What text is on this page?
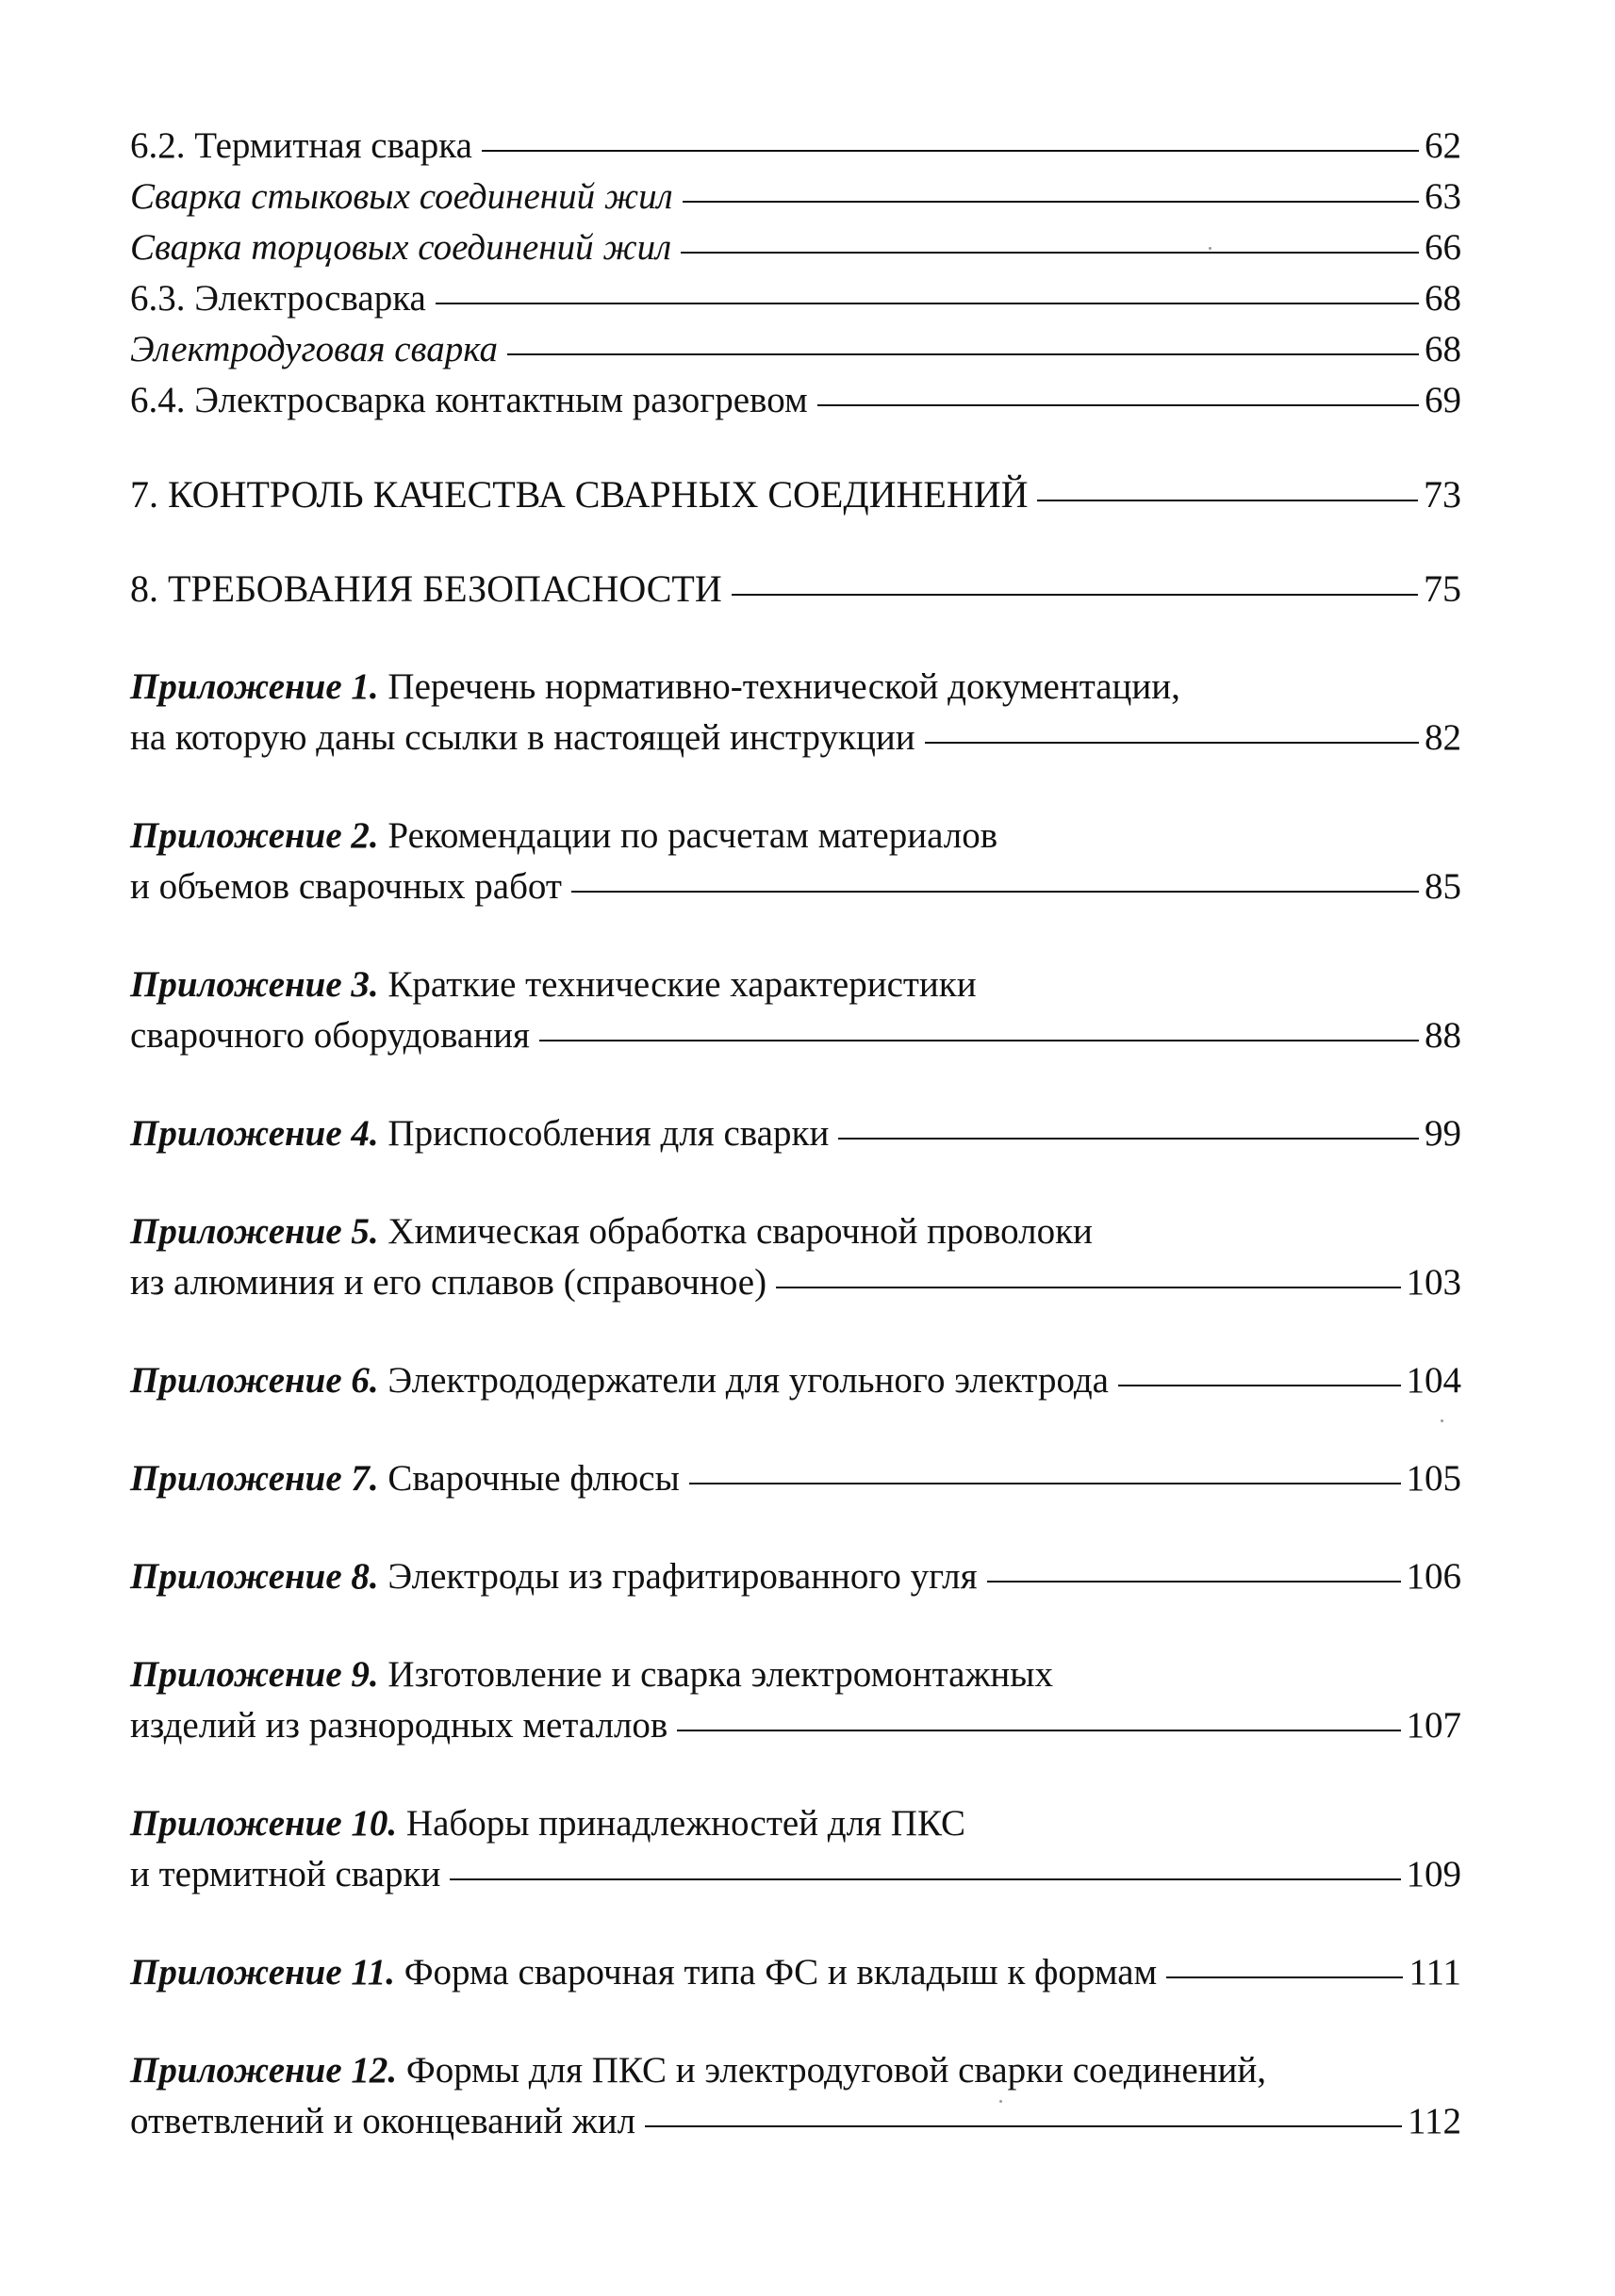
6.2. Термитная сварка	62
Сварка стыковых соединений жил	63
Сварка торцовых соединений жил	66
6.3. Электросварка	68
Электродуговая сварка	68
6.4. Электросварка контактным разогревом	69
7. КОНТРОЛЬ КАЧЕСТВА СВАРНЫХ СОЕДИНЕНИЙ	73
8. ТРЕБОВАНИЯ БЕЗОПАСНОСТИ	75
Приложение 1. Перечень нормативно-технической документации,
на которую даны ссылки в настоящей инструкции	82
Приложение 2. Рекомендации по расчетам материалов
и объемов сварочных работ	85
Приложение 3. Краткие технические характеристики
сварочного оборудования	88
Приложение 4. Приспособления для сварки	99
Приложение 5. Химическая обработка сварочной проволоки
из алюминия и его сплавов (справочное)	103
Приложение 6. Электрододержатели для угольного электрода	104
Приложение 7. Сварочные флюсы	105
Приложение 8. Электроды из графитированного угля	106
Приложение 9. Изготовление и сварка электромонтажных
изделий из разнородных металлов	107
Приложение 10. Наборы принадлежностей для ПКС
и термитной сварки	109
Приложение 11. Форма сварочная типа ФС и вкладыш к формам	111
Приложение 12. Формы для ПКС и электродуговой сварки соединений,
ответвлений и оконцеваний жил	112
